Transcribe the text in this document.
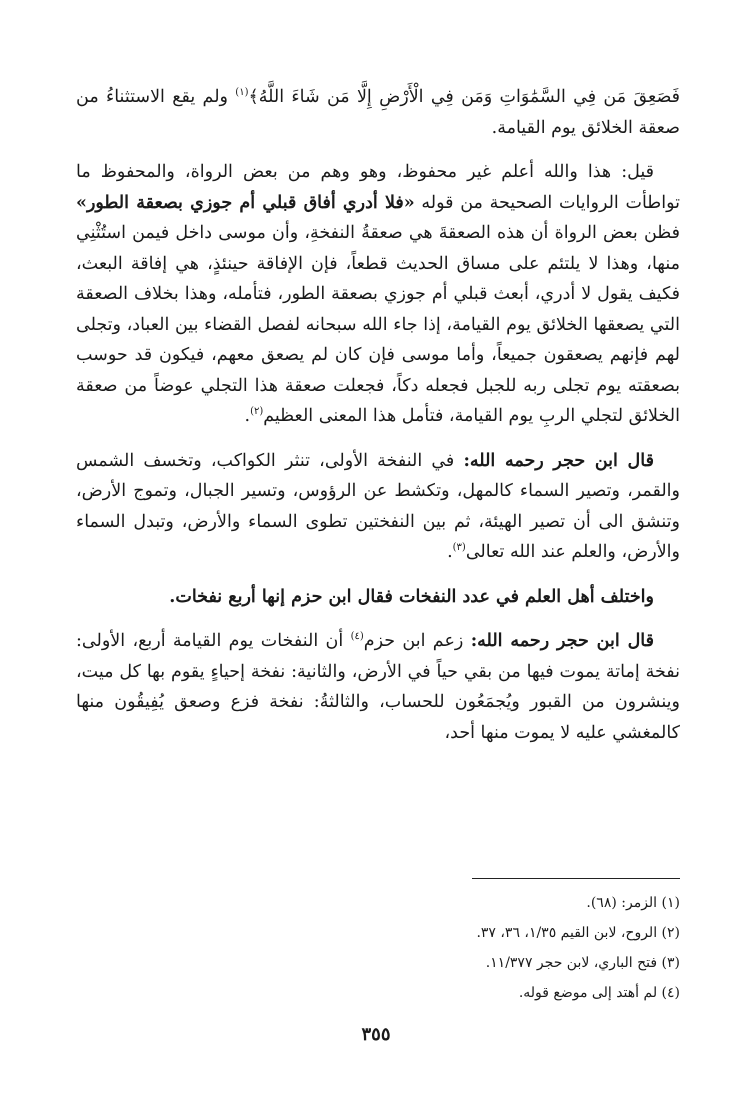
فَصَعِقَ مَن فِي السَّمَٰوَاتِ وَمَن فِي الْأَرْضِ إِلَّا مَن شَاءَ اللَّهُ﴾$^{(١)}$ ولم يقع الاستثناءُ من صعقة الخلائق يوم القيامة.

قيل: هذا والله أعلم غير محفوظ، وهو وهم من بعض الرواة، والمحفوظ ما تواطأت الروايات الصحيحة من قوله «فلا أدري أفاق قبلي أم جوزي بصعقة الطور» فظن بعض الرواة أن هذه الصعقةَ هي صعقةُ النفخةِ، وأن موسى داخل فيمن استُثْنِي منها، وهذا لا يلتئم على مساق الحديث قطعاً، فإن الإفاقة حينئذٍ، هي إفاقة البعث، فكيف يقول لا أدري، أبعث قبلي أم جوزي بصعقة الطور، فتأمله، وهذا بخلاف الصعقة التي يصعقها الخلائق يوم القيامة، إذا جاء الله سبحانه لفصل القضاء بين العباد، وتجلى لهم فإنهم يصعقون جميعاً، وأما موسى فإن كان لم يصعق معهم، فيكون قد حوسب بصعقته يوم تجلى ربه للجبل فجعله دكاً، فجعلت صعقة هذا التجلي عوضاً من صعقة الخلائق لتجلي الربِ يوم القيامة، فتأمل هذا المعنى العظيم$^{(٢)}$.

قال ابن حجر رحمه الله: في النفخة الأولى، تنثر الكواكب، وتخسف الشمس والقمر، وتصير السماء كالمهل، وتكشط عن الرؤوس، وتسير الجبال، وتموج الأرض، وتنشق الى أن تصير الهيئة، ثم بين النفختين تطوى السماء والأرض، وتبدل السماء والأرض، والعلم عند الله تعالى$^{(٣)}$.

واختلف أهل العلم في عدد النفخات فقال ابن حزم إنها أربع نفخات.

قال ابن حجر رحمه الله: زعم ابن حزم$^{(٤)}$ أن النفخات يوم القيامة أربع، الأولى: نفخة إماتة يموت فيها من بقي حياً في الأرض، والثانية: نفخة إحياءٍ يقوم بها كل ميت، وينشرون من القبور ويُجمَعُون للحساب، والثالثةُ: نفخة فزع وصعق يُفِيقُون منها كالمغشي عليه لا يموت منها أحد،

(١) الزمر: (٦٨).
(٢) الروح، لابن القيم ١/٣٥، ٣٦، ٣٧.
(٣) فتح الباري، لابن حجر ١١/٣٧٧.
(٤) لم أهتد إلى موضع قوله.
٣٥٥
